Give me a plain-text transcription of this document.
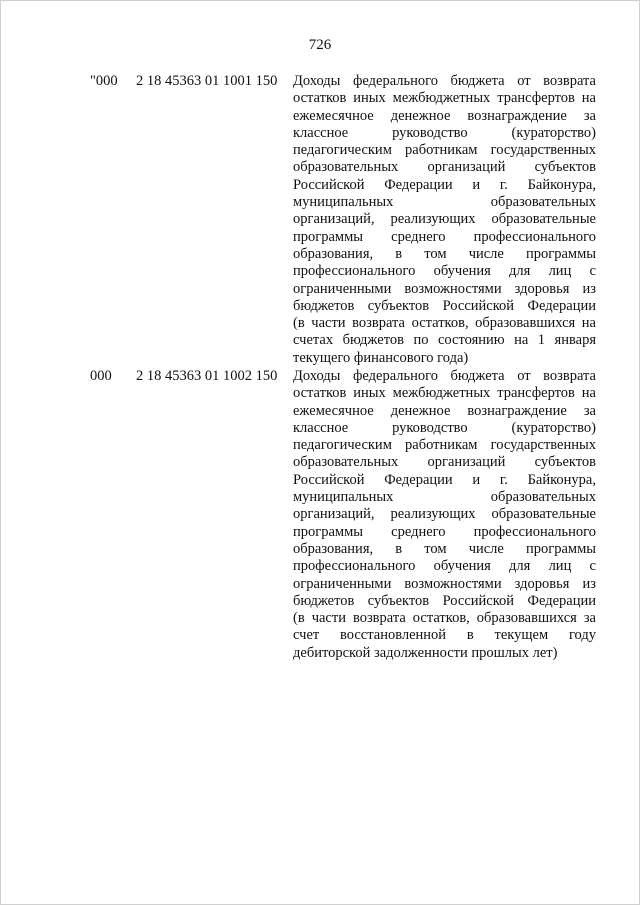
726
"000 2 18 45363 01 1001 150 Доходы федерального бюджета от возврата
остатков иных межбюджетных трансфертов на
ежемесячное денежное вознаграждение за
классное руководство (кураторство)
педагогическим работникам государственных
образовательных организаций субъектов
Российской Федерации и г. Байконура,
муниципальных образовательных
организаций, реализующих образовательные
программы среднего профессионального
образования, в том числе программы
профессионального обучения для лиц с
ограниченными возможностями здоровья из
бюджетов субъектов Российской Федерации
(в части возврата остатков, образовавшихся на
счетах бюджетов по состоянию на 1 января
текущего финансового года)
000 2 18 45363 01 1002 150 Доходы федерального бюджета от возврата
остатков иных межбюджетных трансфертов на
ежемесячное денежное вознаграждение за
классное руководство (кураторство)
педагогическим работникам государственных
образовательных организаций субъектов
Российской Федерации и г. Байконура,
муниципальных образовательных
организаций, реализующих образовательные
программы среднего профессионального
образования, в том числе программы
профессионального обучения для лиц с
ограниченными возможностями здоровья из
бюджетов субъектов Российской Федерации
(в части возврата остатков, образовавшихся за
счет восстановленной в текущем году
дебиторской задолженности прошлых лет)
